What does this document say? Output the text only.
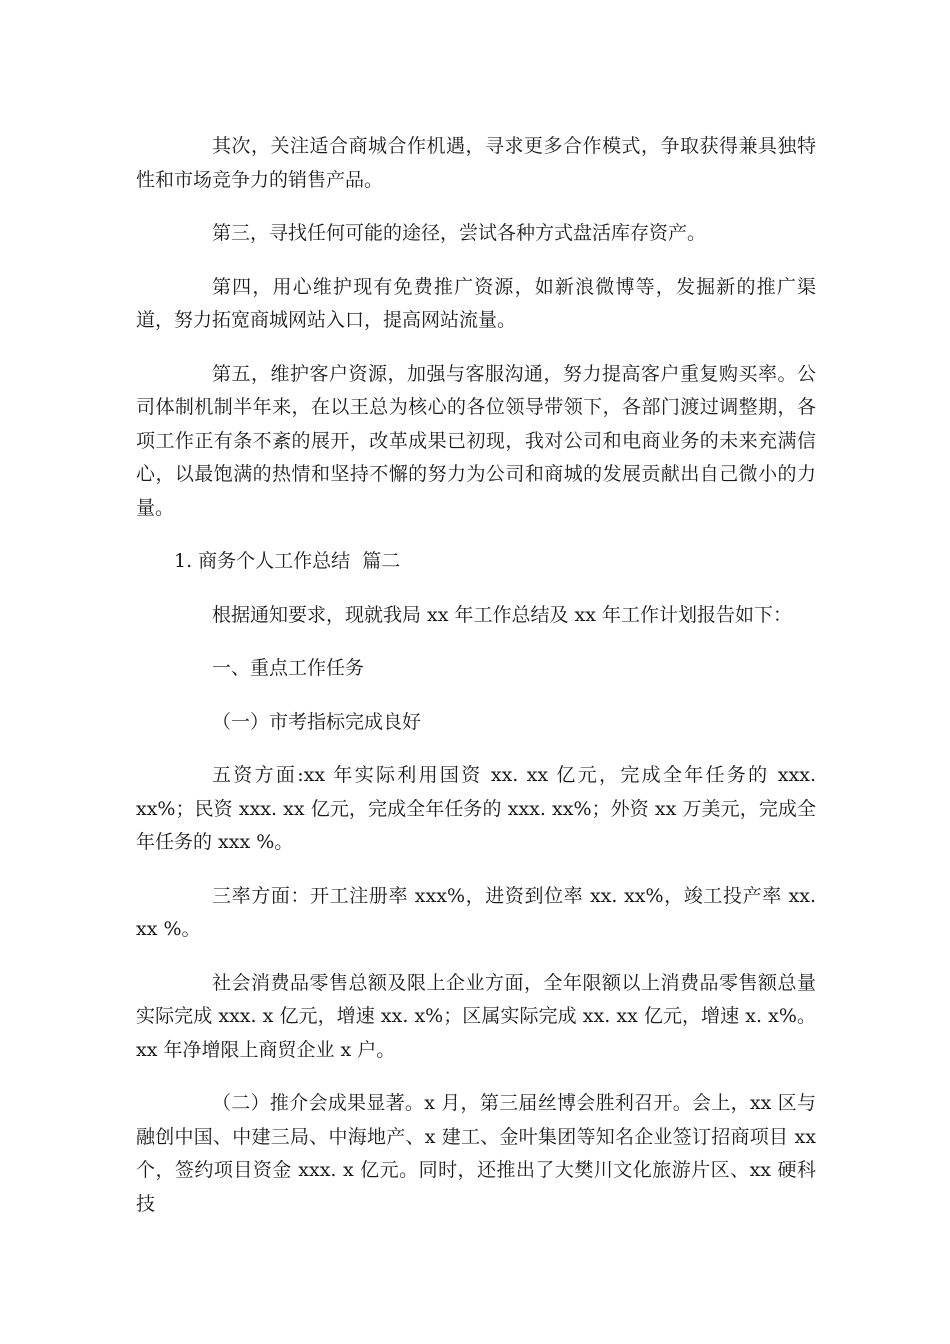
其次，关注适合商城合作机遇，寻求更多合作模式，争取获得兼具独特性和市场竞争力的销售产品。

第三，寻找任何可能的途径，尝试各种方式盘活库存资产。

第四，用心维护现有免费推广资源，如新浪微博等，发掘新的推广渠道，努力拓宽商城网站入口，提高网站流量。

第五，维护客户资源，加强与客服沟通，努力提高客户重复购买率。公司体制机制半年来，在以王总为核心的各位领导带领下，各部门渡过调整期，各项工作正有条不紊的展开，改革成果已初现，我对公司和电商业务的未来充满信心，以最饱满的热情和坚持不懈的努力为公司和商城的发展贡献出自己微小的力量。

1. 商务个人工作总结  篇二

根据通知要求，现就我局 xx 年工作总结及 xx 年工作计划报告如下：

一、重点工作任务

（一）市考指标完成良好

五资方面:xx 年实际利用国资 xx. xx 亿元，完成全年任务的 xxx. xx%；民资 xxx. xx 亿元，完成全年任务的 xxx. xx%；外资 xx 万美元，完成全年任务的 xxx %。

三率方面：开工注册率 xxx%，进资到位率 xx. xx%，竣工投产率 xx. xx %。

社会消费品零售总额及限上企业方面，全年限额以上消费品零售额总量实际完成 xxx. x 亿元，增速 xx. x%；区属实际完成 xx. xx 亿元，增速 x. x%。xx 年净增限上商贸企业 x 户。

（二）推介会成果显著。x 月，第三届丝博会胜利召开。会上，xx 区与融创中国、中建三局、中海地产、x 建工、金叶集团等知名企业签订招商项目 xx 个，签约项目资金 xxx. x 亿元。同时，还推出了大樊川文化旅游片区、xx 硬科技
